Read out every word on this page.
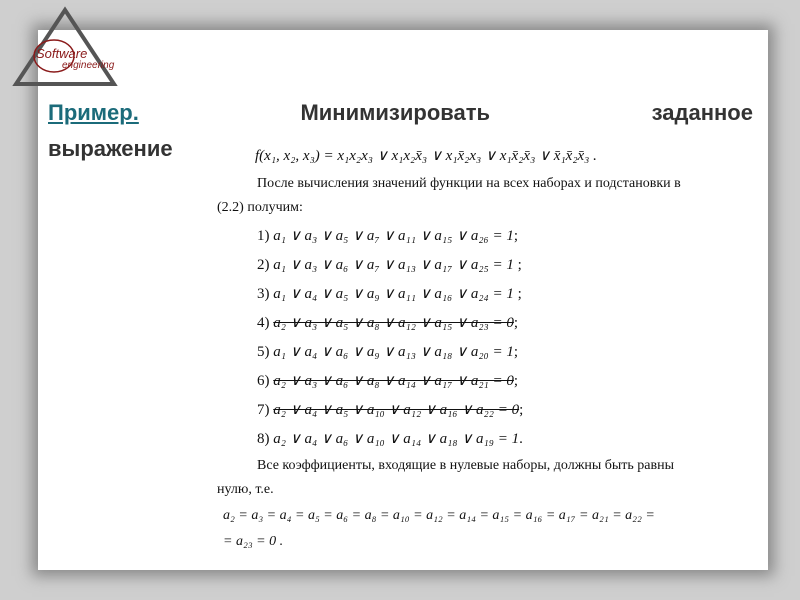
Software
engineering
Пример.	Минимизировать	заданное
выражение	f(x₁, x₂, x₃) = x₁x₂x₃ ∨ x₁x₂x̄₃ ∨ x₁x̄₂x₃ ∨ x₁x̄₂x̄₃ ∨ x̄₁x̄₂x̄₃ .
После вычисления значений функции на всех наборах и подстановки в
(2.2) получим:
1) a₁ ∨ a₃ ∨ a₅ ∨ a₇ ∨ a₁₁ ∨ a₁₅ ∨ a₂₆ = 1;
2) a₁ ∨ a₃ ∨ a₆ ∨ a₇ ∨ a₁₃ ∨ a₁₇ ∨ a₂₅ = 1 ;
3) a₁ ∨ a₄ ∨ a₅ ∨ a₉ ∨ a₁₁ ∨ a₁₆ ∨ a₂₄ = 1 ;
4) a₂ ∨ a₃ ∨ a₅ ∨ a₈ ∨ a₁₂ ∨ a₁₅ ∨ a₂₃ = 0;
5) a₁ ∨ a₄ ∨ a₆ ∨ a₉ ∨ a₁₃ ∨ a₁₈ ∨ a₂₀ = 1;
6) a₂ ∨ a₃ ∨ a₆ ∨ a₈ ∨ a₁₄ ∨ a₁₇ ∨ a₂₁ = 0;
7) a₂ ∨ a₄ ∨ a₅ ∨ a₁₀ ∨ a₁₂ ∨ a₁₆ ∨ a₂₂ = 0;
8) a₂ ∨ a₄ ∨ a₆ ∨ a₁₀ ∨ a₁₄ ∨ a₁₈ ∨ a₁₉ = 1.
Все коэффициенты, входящие в нулевые наборы, должны быть равны
нулю, т.е.
a₂ = a₃ = a₄ = a₅ = a₆ = a₈ = a₁₀ = a₁₂ = a₁₄ = a₁₅ = a₁₆ = a₁₇ = a₂₁ = a₂₂ =
= a₂₃ = 0 .
